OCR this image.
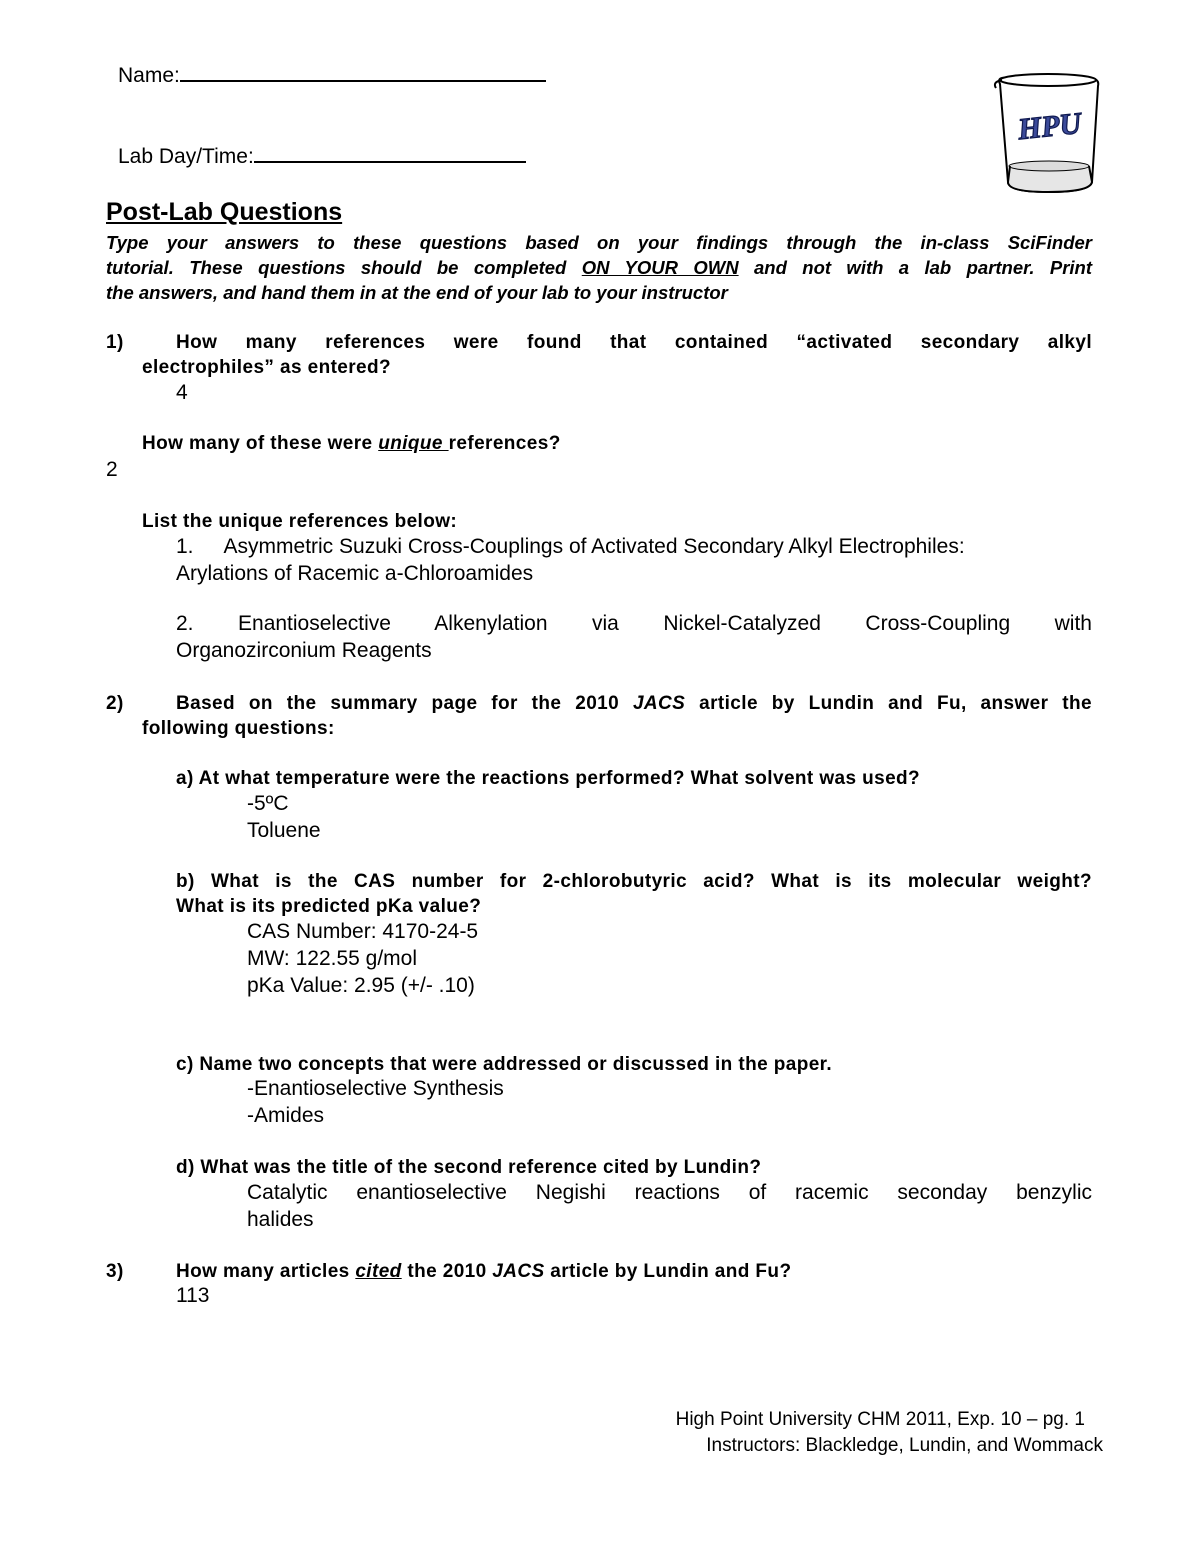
Name:
Lab Day/Time:
HPU
Post-Lab Questions
Type your answers to these questions based on your findings through the in-class SciFinder
tutorial. These questions should be completed ON YOUR OWN and not with a lab partner. Print
the answers, and hand them in at the end of your lab to your instructor
1)	How many references were found that contained “activated secondary alkyl
electrophiles” as entered?
4
How many of these were unique references?
2
List the unique references below:
1. Asymmetric Suzuki Cross-Couplings of Activated Secondary Alkyl Electrophiles:
Arylations of Racemic a-Chloroamides
2. Enantioselective Alkenylation via Nickel-Catalyzed Cross-Coupling with
Organozirconium Reagents
2)	Based on the summary page for the 2010 JACS article by Lundin and Fu, answer the
following questions:
a) At what temperature were the reactions performed? What solvent was used?
-5ºC
Toluene
b) What is the CAS number for 2-chlorobutyric acid? What is its molecular weight?
What is its predicted pKa value?
CAS Number: 4170-24-5
MW: 122.55 g/mol
pKa Value: 2.95 (+/- .10)
c) Name two concepts that were addressed or discussed in the paper.
-Enantioselective Synthesis
-Amides
d) What was the title of the second reference cited by Lundin?
Catalytic enantioselective Negishi reactions of racemic seconday benzylic
halides
3)	How many articles cited the 2010 JACS article by Lundin and Fu?
113
High Point University CHM 2011, Exp. 10 – pg. 1
Instructors: Blackledge, Lundin, and Wommack
